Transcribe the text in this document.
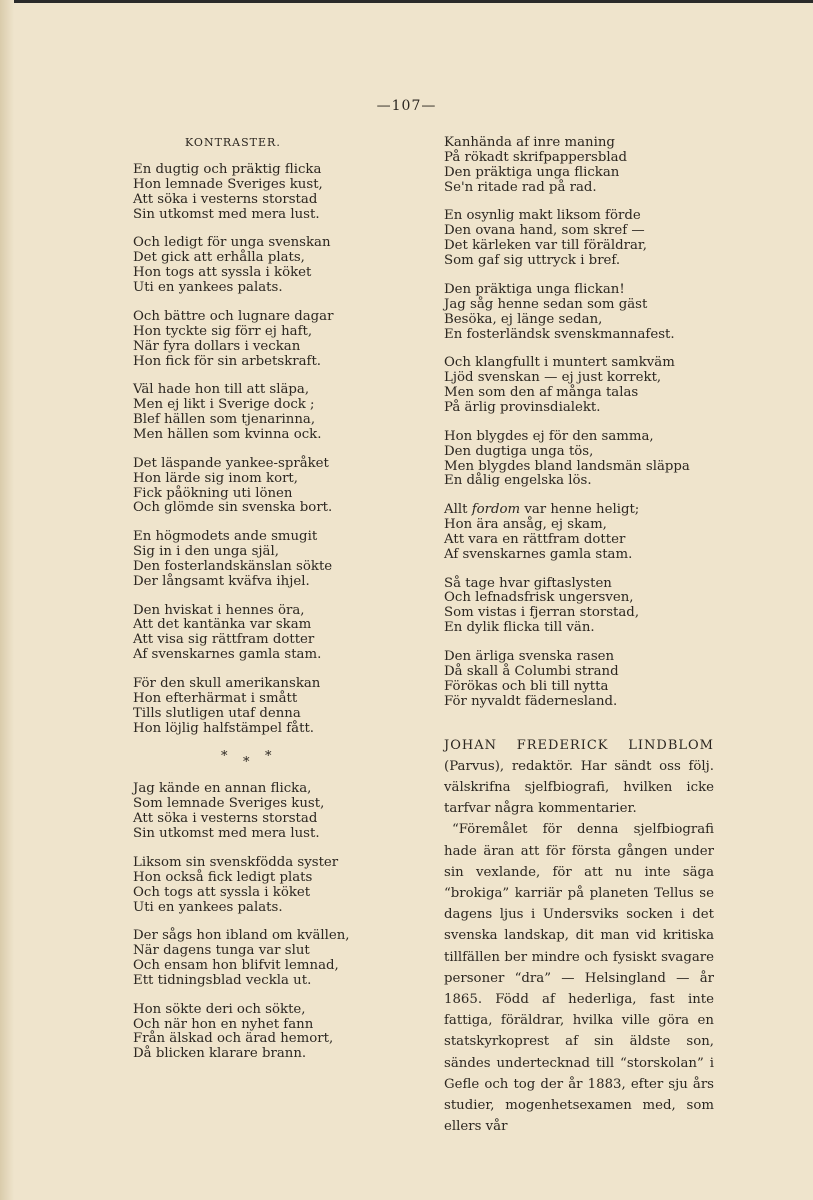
—107—
KONTRASTER.
En dugtig och präktig flicka
Hon lemnade Sveriges kust,
Att söka i vesterns storstad
Sin utkomst med mera lust.
Och ledigt för unga svenskan
Det gick att erhålla plats,
Hon togs att syssla i köket
Uti en yankees palats.
Och bättre och lugnare dagar
Hon tyckte sig förr ej haft,
När fyra dollars i veckan
Hon fick för sin arbetskraft.
Väl hade hon till att släpa,
Men ej likt i Sverige dock ;
Blef hällen som tjenarinna,
Men hällen som kvinna ock.
Det läspande yankee-språket
Hon lärde sig inom kort,
Fick påökning uti lönen
Och glömde sin svenska bort.
En högmodets ande smugit
Sig in i den unga själ,
Den fosterlandskänslan sökte
Der långsamt kväfva ihjel.
Den hviskat i hennes öra,
Att det kantänka var skam
Att visa sig rättfram dotter
Af svenskarnes gamla stam.
För den skull amerikanskan
Hon efterhärmat i smått
Tills slutligen utaf denna
Hon löjlig halfstämpel fått.
* * *
Jag kände en annan flicka,
Som lemnade Sveriges kust,
Att söka i vesterns storstad
Sin utkomst med mera lust.
Liksom sin svenskfödda syster
Hon också fick ledigt plats
Och togs att syssla i köket
Uti en yankees palats.
Der sågs hon ibland om kvällen,
När dagens tunga var slut
Och ensam hon blifvit lemnad,
Ett tidningsblad veckla ut.
Hon sökte deri och sökte,
Och när hon en nyhet fann
Från älskad och ärad hemort,
Då blicken klarare brann.
Kanhända af inre maning
På rökadt skrifpappersblad
Den präktiga unga flickan
Se'n ritade rad på rad.
En osynlig makt liksom förde
Den ovana hand, som skref —
Det kärleken var till föräldrar,
Som gaf sig uttryck i bref.
Den präktiga unga flickan!
Jag såg henne sedan som gäst
Besöka, ej länge sedan,
En fosterländsk svenskmannafest.
Och klangfullt i muntert samkväm
Ljöd svenskan — ej just korrekt,
Men som den af många talas
På ärlig provinsdialekt.
Hon blygdes ej för den samma,
Den dugtiga unga tös,
Men blygdes bland landsmän släppa
En dålig engelska lös.
Allt fordom var henne heligt;
Hon ära ansåg, ej skam,
Att vara en rättfram dotter
Af svenskarnes gamla stam.
Så tage hvar giftaslysten
Och lefnadsfrisk ungersven,
Som vistas i fjerran storstad,
En dylik flicka till vän.
Den ärliga svenska rasen
Då skall å Columbi strand
Förökas och bli till nytta
För nyvaldt fädernesland.

JOHAN FREDERICK LINDBLOM (Parvus), redaktör. Har sändt oss följ. välskrifna sjelfbiografi, hvilken icke tarfvar några kommentarier.

“Föremålet för denna sjelfbiografi hade äran att för första gången under sin vexlande, för att nu inte säga “brokiga” karriär på planeten Tellus se dagens ljus i Undersviks socken i det svenska landskap, dit man vid kritiska tillfällen ber mindre och fysiskt svagare personer “dra” — Helsingland — år 1865. Född af hederliga, fast inte fattiga, föräldrar, hvilka ville göra en statskyrkoprest af sin äldste son, sändes undertecknad till “storskolan” i Gefle och tog der år 1883, efter sju års studier, mogenhetsexamen med, som ellers vår
